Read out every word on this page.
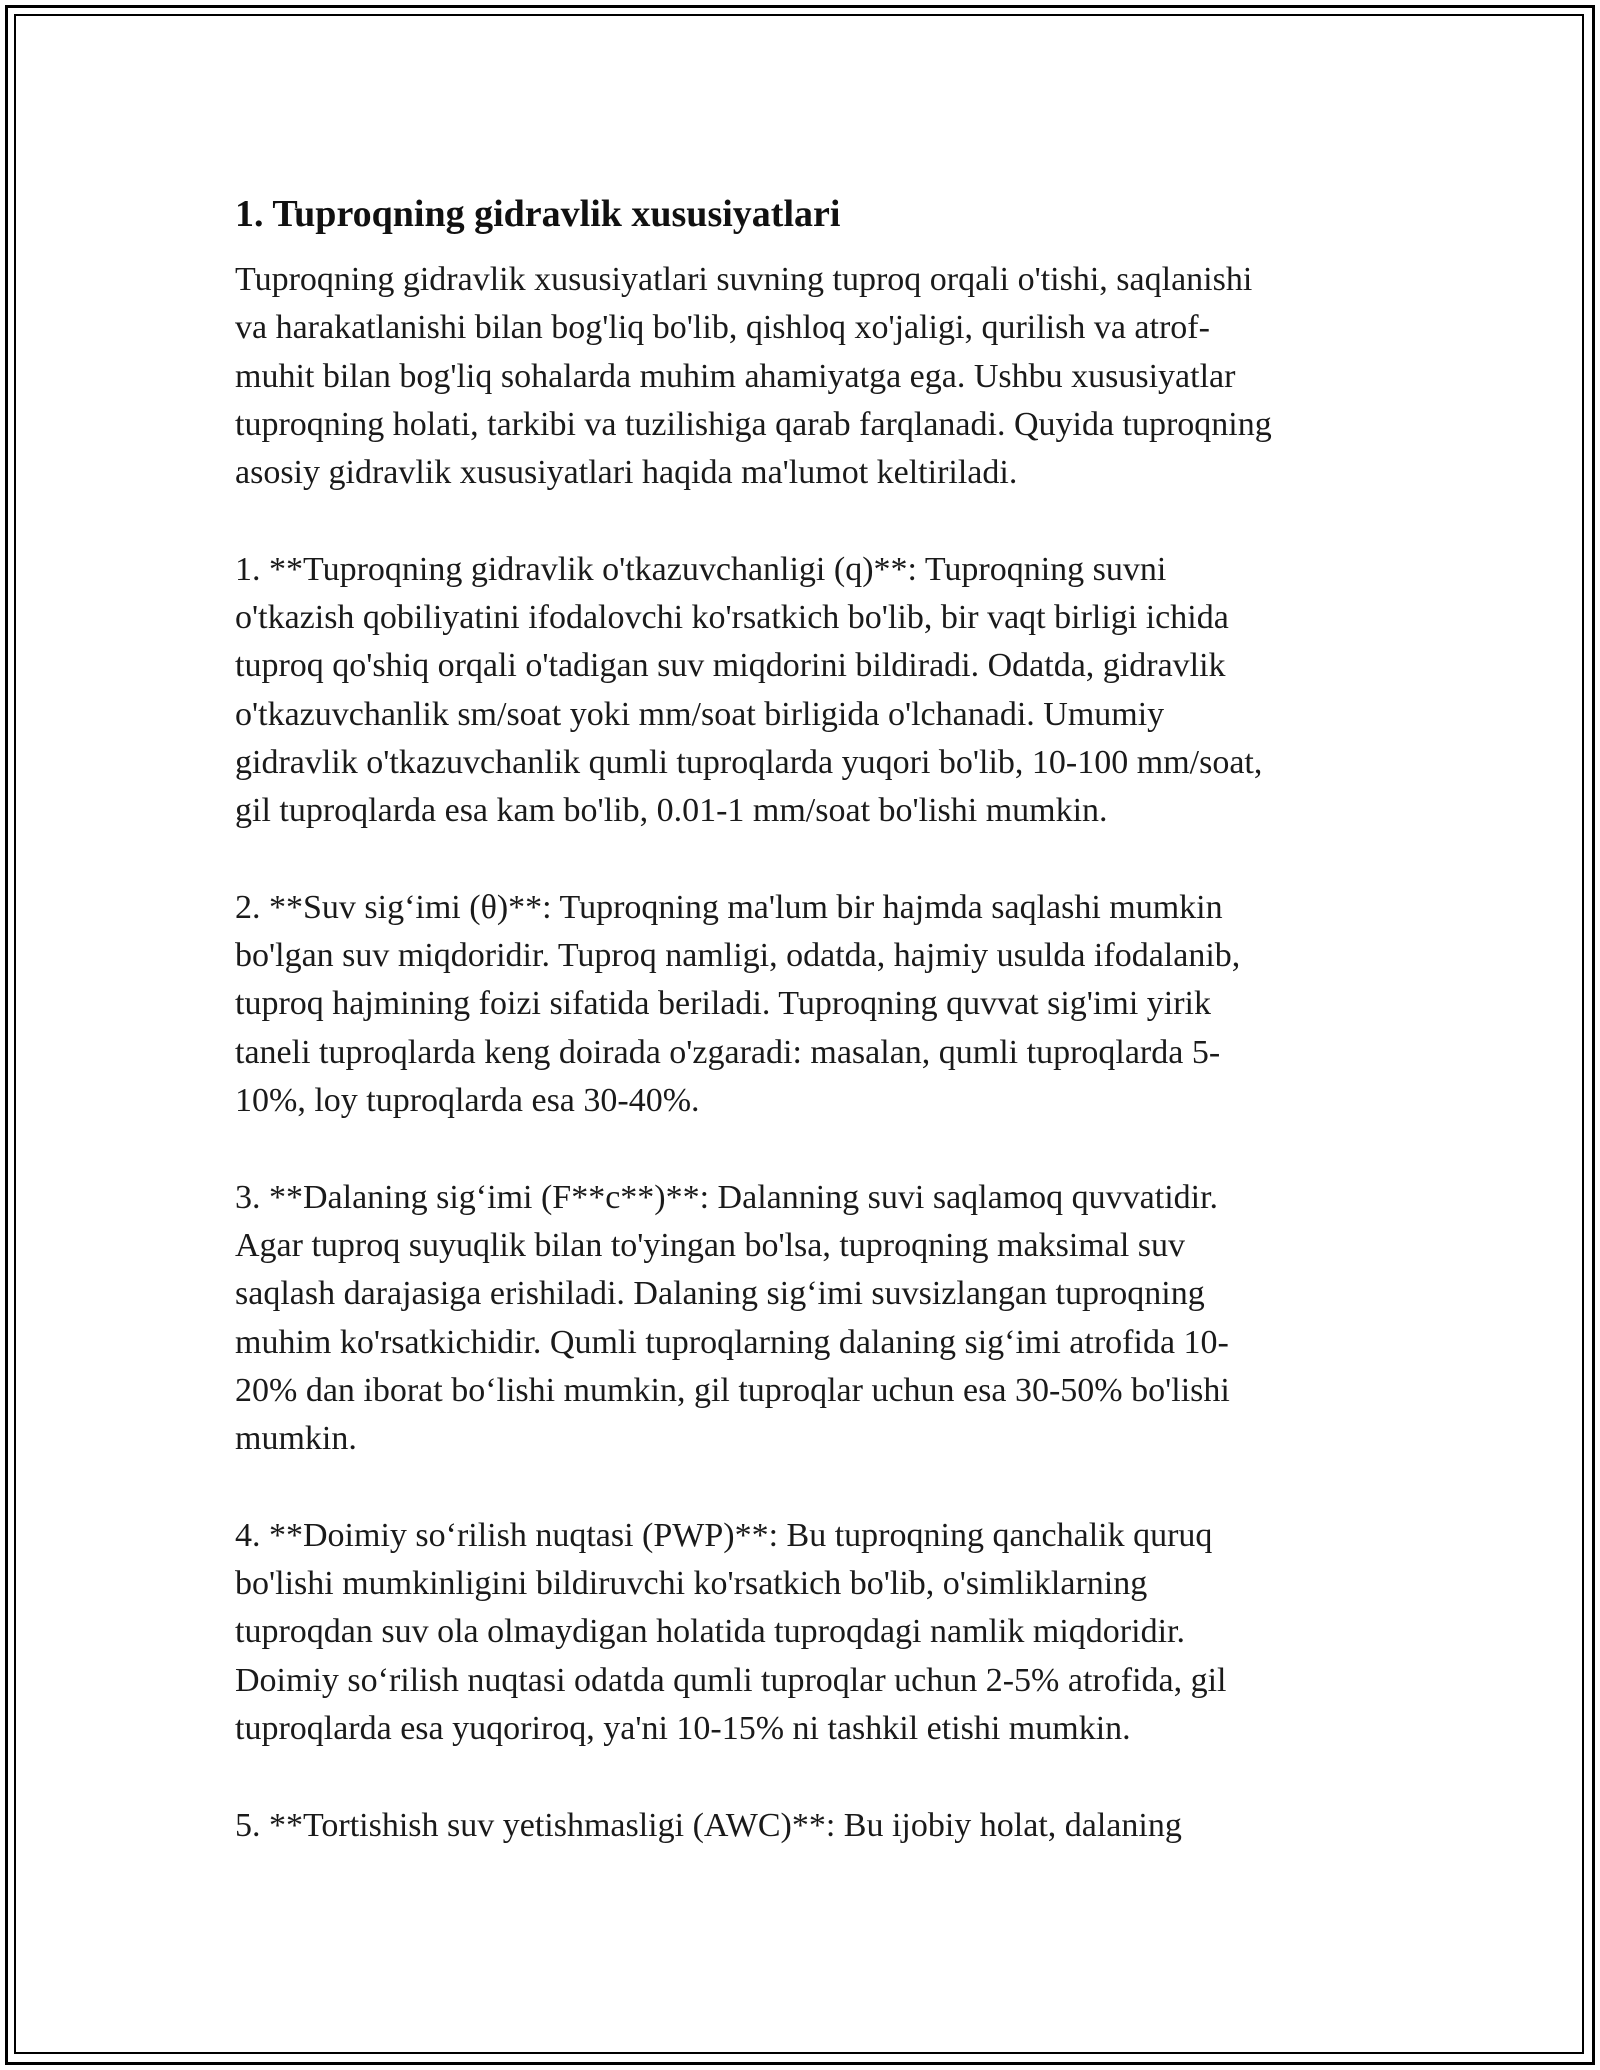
1. Tuproqning gidravlik xususiyatlari

Tuproqning gidravlik xususiyatlari suvning tuproq orqali o'tishi, saqlanishi
va harakatlanishi bilan bog'liq bo'lib, qishloq xo'jaligi, qurilish va atrof-
muhit bilan bog'liq sohalarda muhim ahamiyatga ega. Ushbu xususiyatlar
tuproqning holati, tarkibi va tuzilishiga qarab farqlanadi. Quyida tuproqning
asosiy gidravlik xususiyatlari haqida ma'lumot keltiriladi.

1. **Tuproqning gidravlik o'tkazuvchanligi (q)**: Tuproqning suvni
o'tkazish qobiliyatini ifodalovchi ko'rsatkich bo'lib, bir vaqt birligi ichida
tuproq qo'shiq orqali o'tadigan suv miqdorini bildiradi. Odatda, gidravlik
o'tkazuvchanlik sm/soat yoki mm/soat birligida o'lchanadi. Umumiy
gidravlik o'tkazuvchanlik qumli tuproqlarda yuqori bo'lib, 10-100 mm/soat,
gil tuproqlarda esa kam bo'lib, 0.01-1 mm/soat bo'lishi mumkin.

2. **Suv sig‘imi (θ)**: Tuproqning ma'lum bir hajmda saqlashi mumkin
bo'lgan suv miqdoridir. Tuproq namligi, odatda, hajmiy usulda ifodalanib,
tuproq hajmining foizi sifatida beriladi. Tuproqning quvvat sig'imi yirik
taneli tuproqlarda keng doirada o'zgaradi: masalan, qumli tuproqlarda 5-
10%, loy tuproqlarda esa 30-40%.

3. **Dalaning sig‘imi (F**c**)**: Dalanning suvi saqlamoq quvvatidir.
Agar tuproq suyuqlik bilan to'yingan bo'lsa, tuproqning maksimal suv
saqlash darajasiga erishiladi. Dalaning sig‘imi suvsizlangan tuproqning
muhim ko'rsatkichidir. Qumli tuproqlarning dalaning sig‘imi atrofida 10-
20% dan iborat bo‘lishi mumkin, gil tuproqlar uchun esa 30-50% bo'lishi
mumkin.

4. **Doimiy so‘rilish nuqtasi (PWP)**: Bu tuproqning qanchalik quruq
bo'lishi mumkinligini bildiruvchi ko'rsatkich bo'lib, o'simliklarning
tuproqdan suv ola olmaydigan holatida tuproqdagi namlik miqdoridir.
Doimiy so‘rilish nuqtasi odatda qumli tuproqlar uchun 2-5% atrofida, gil
tuproqlarda esa yuqoriroq, ya'ni 10-15% ni tashkil etishi mumkin.

5. **Tortishish suv yetishmasligi (AWC)**: Bu ijobiy holat, dalaning
